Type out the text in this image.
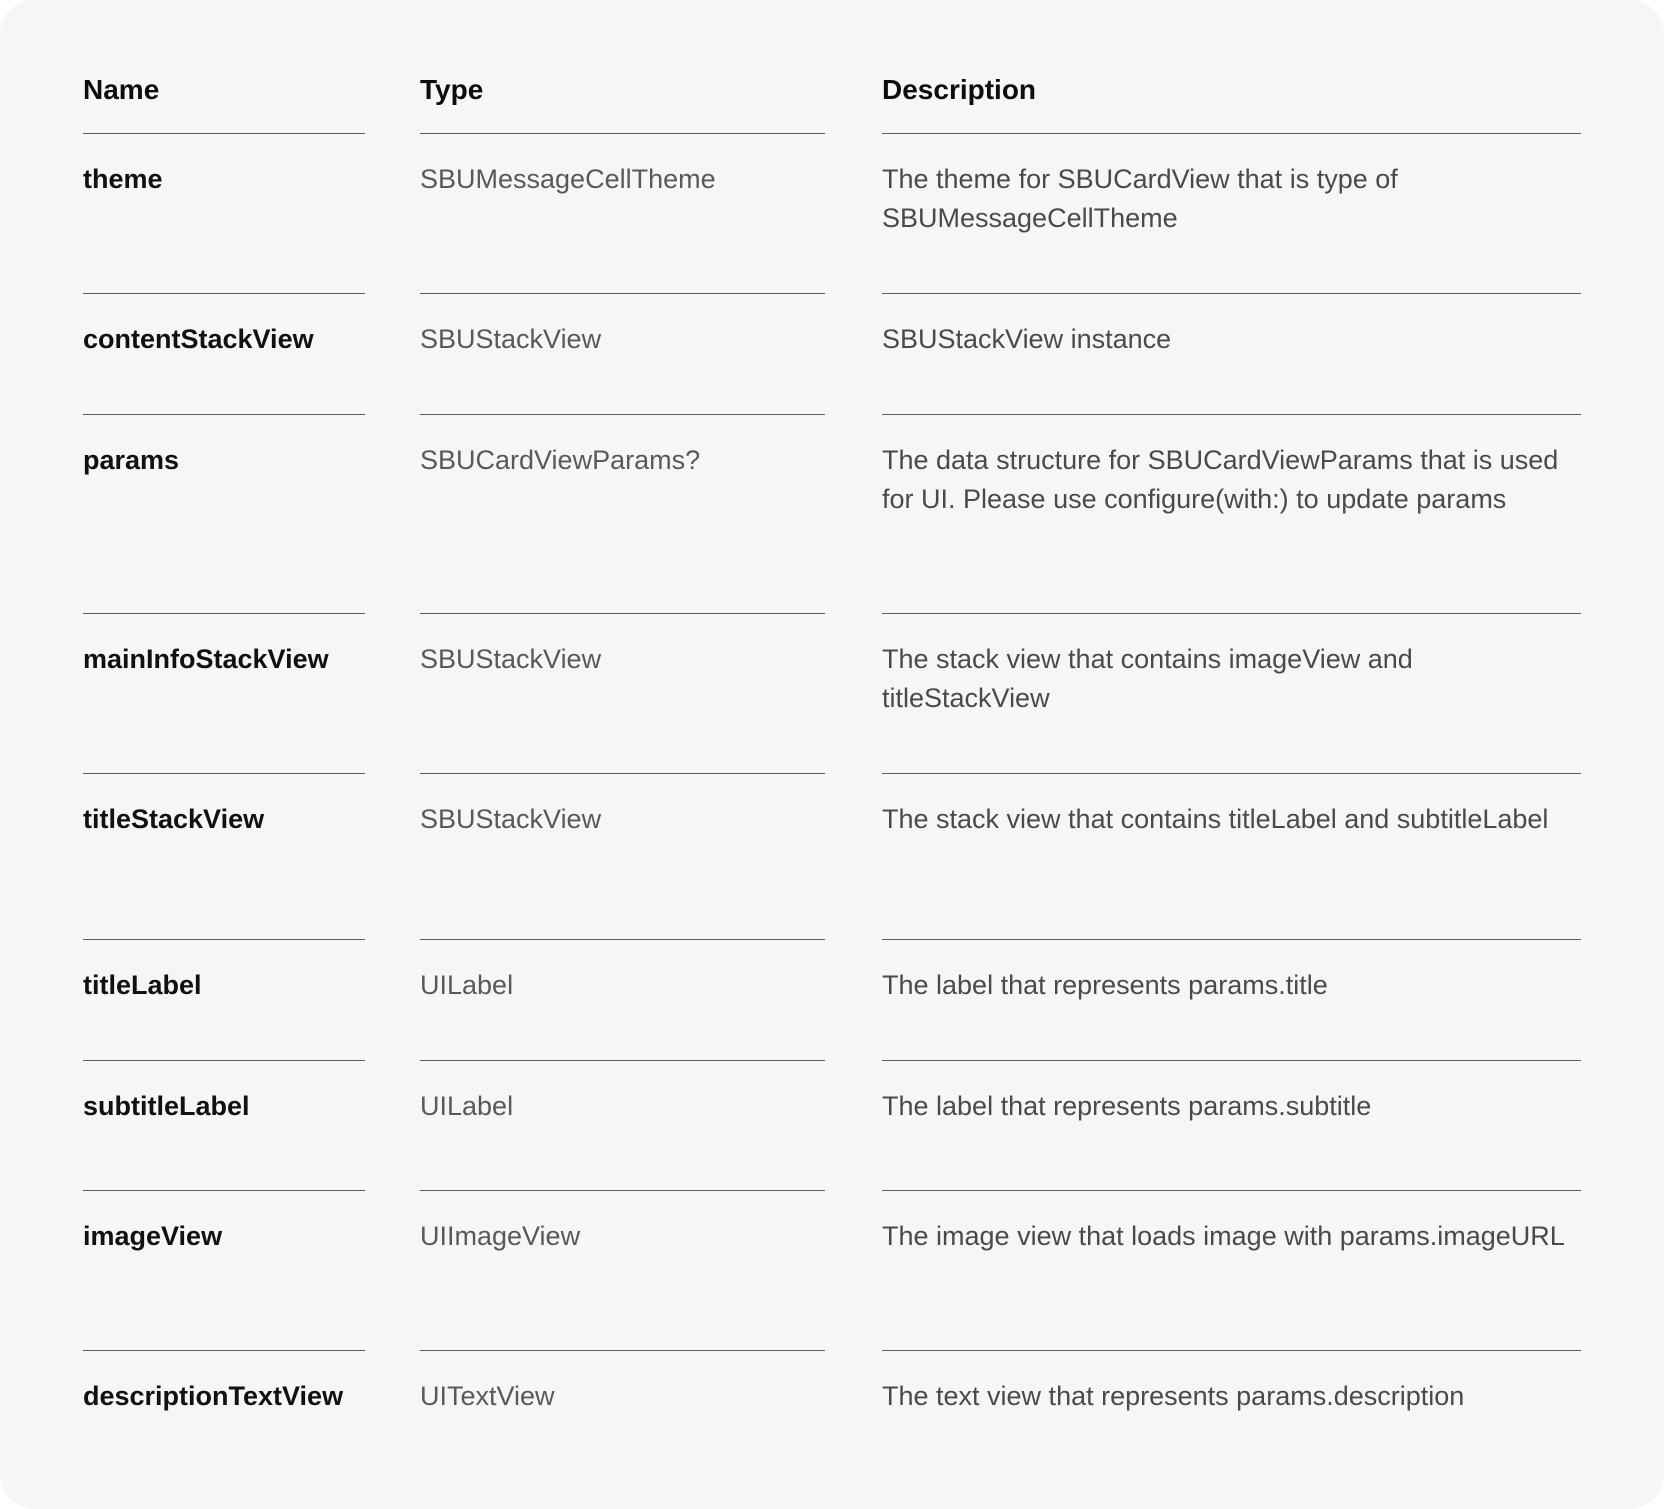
Name	Type	Description
theme	SBUMessageCellTheme	The theme for SBUCardView that is type of SBUMessageCellTheme
contentStackView	SBUStackView	SBUStackView instance
params	SBUCardViewParams?	The data structure for SBUCardViewParams that is used for UI. Please use configure(with:) to update params
mainInfoStackView	SBUStackView	The stack view that contains imageView and titleStackView
titleStackView	SBUStackView	The stack view that contains titleLabel and subtitleLabel
titleLabel	UILabel	The label that represents params.title
subtitleLabel	UILabel	The label that represents params.subtitle
imageView	UIImageView	The image view that loads image with params.imageURL
descriptionTextView	UITextView	The text view that represents params.description
